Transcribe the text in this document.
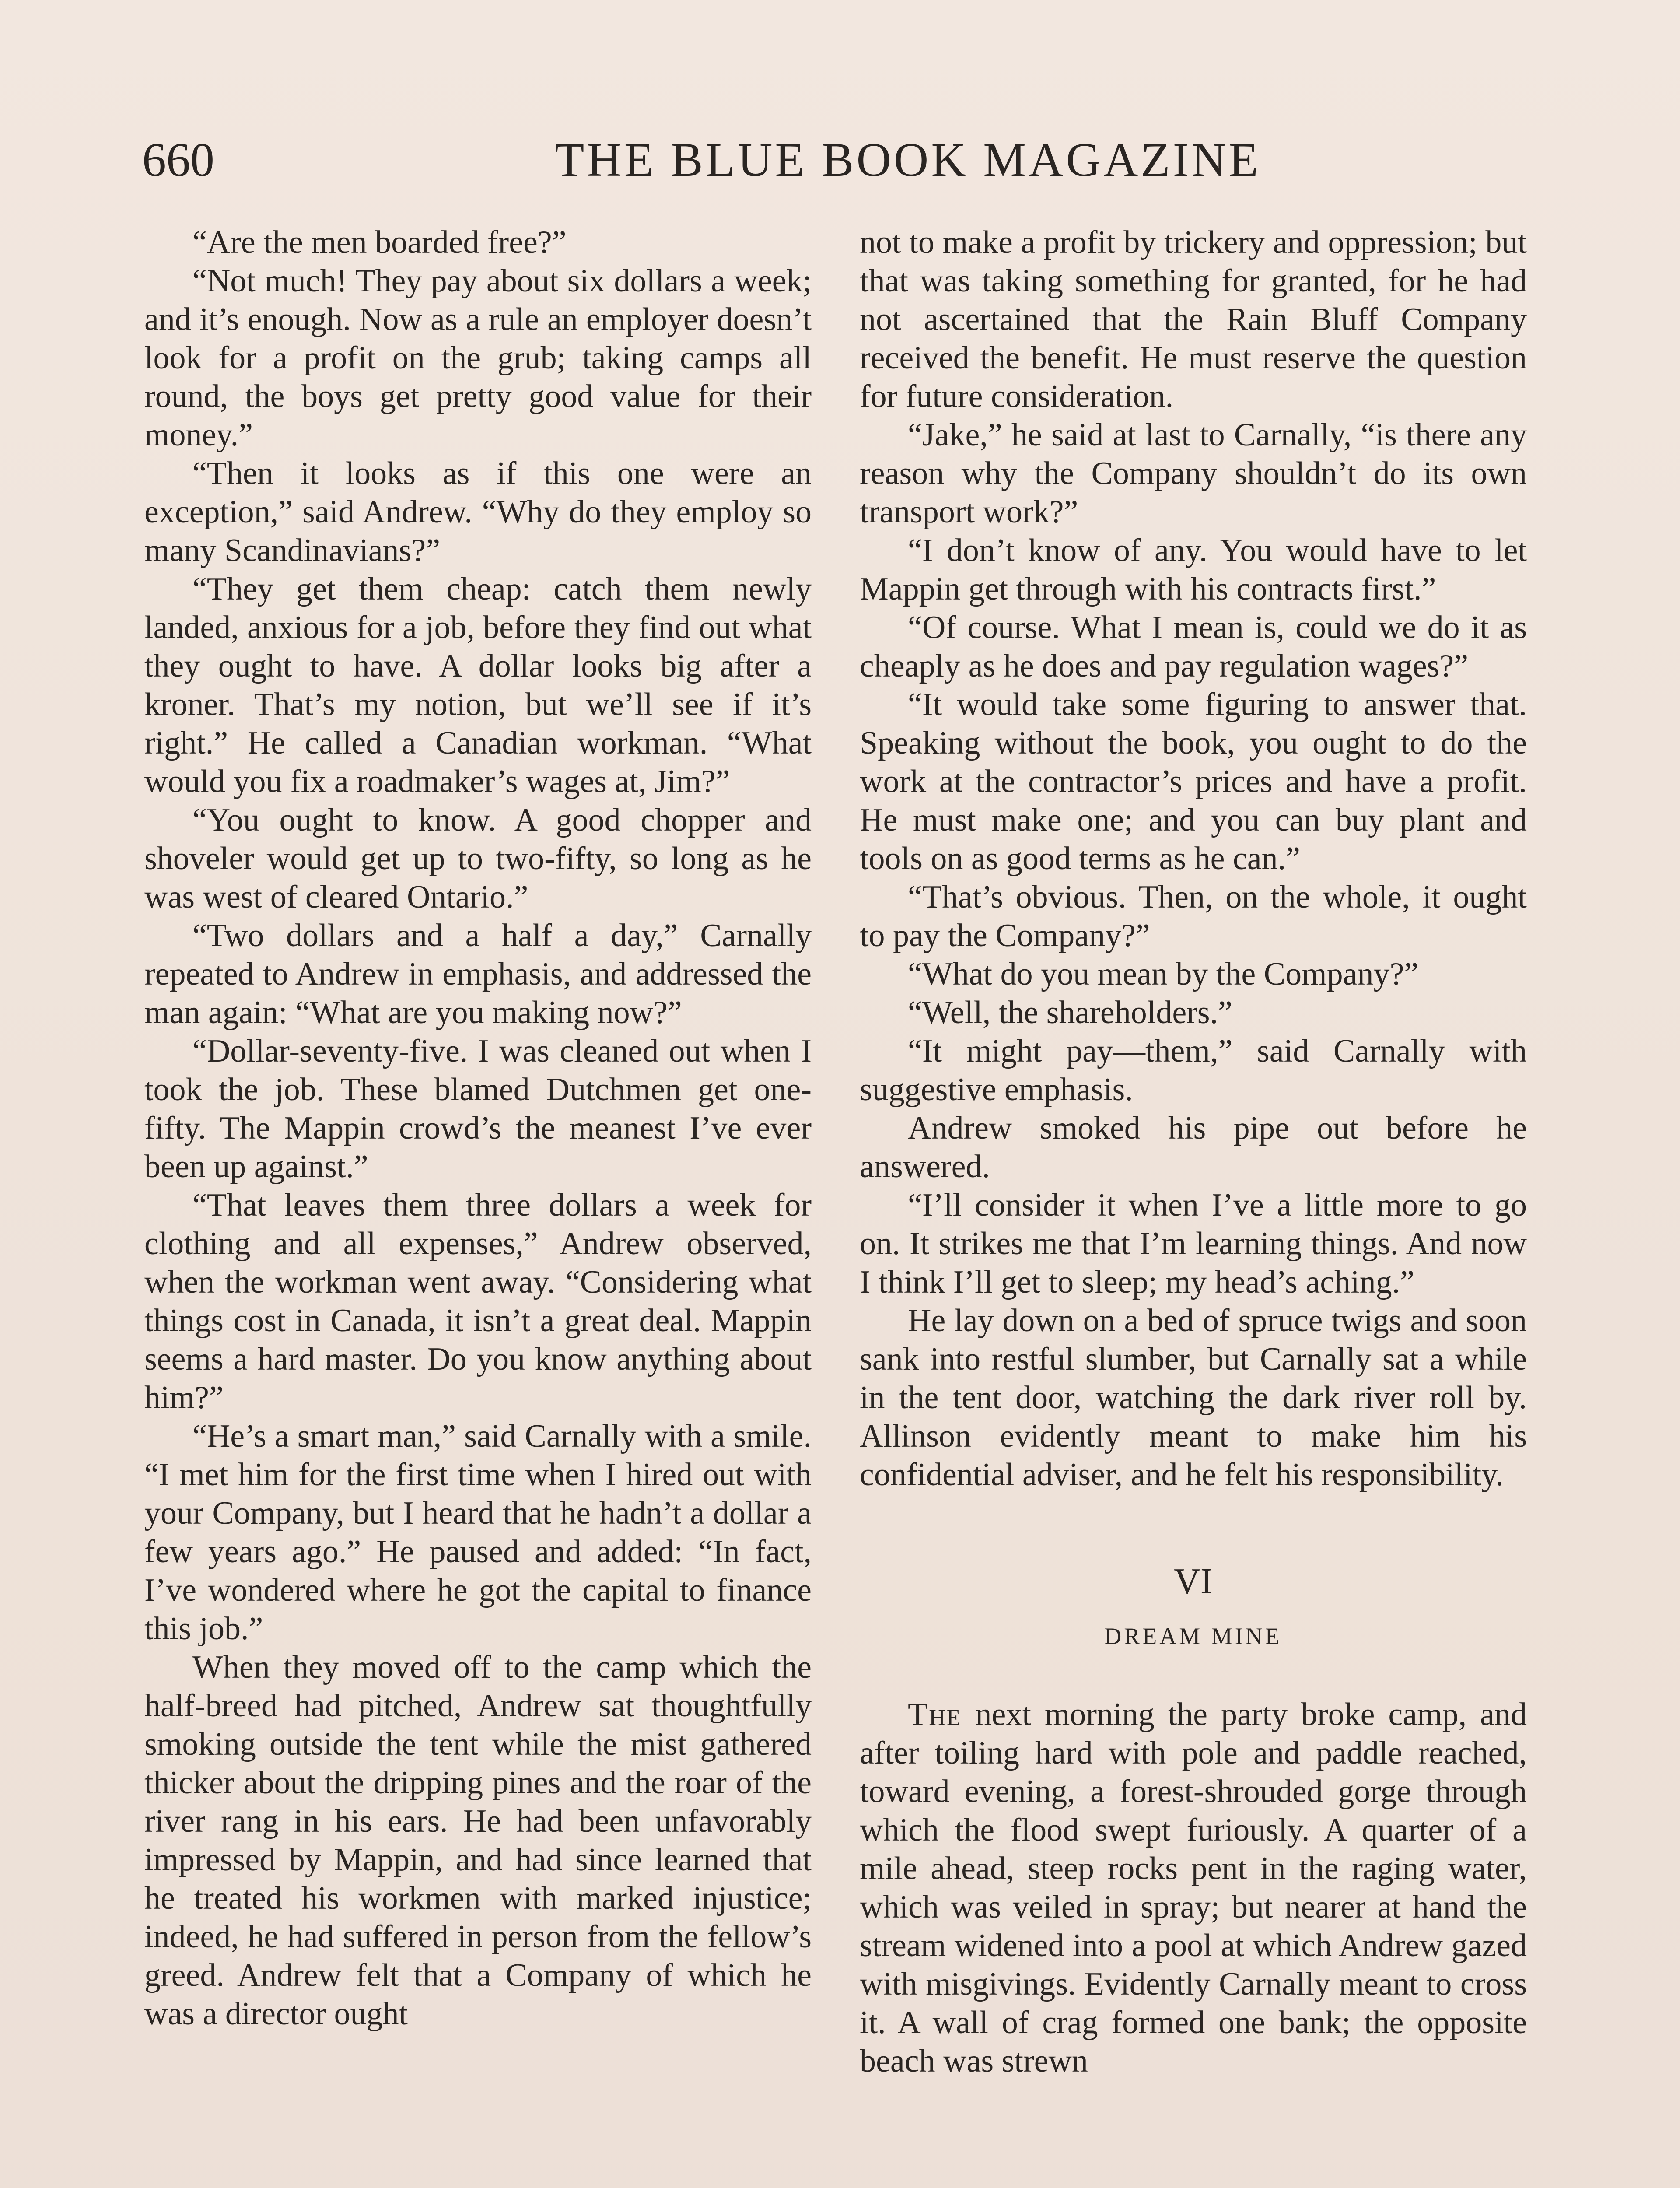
660	THE BLUE BOOK MAGAZINE

“Are the men boarded free?”

“Not much! They pay about six dollars a week; and it’s enough. Now as a rule an employer doesn’t look for a profit on the grub; taking camps all round, the boys get pretty good value for their money.”

“Then it looks as if this one were an exception,” said Andrew. “Why do they employ so many Scandinavians?”

“They get them cheap: catch them newly landed, anxious for a job, before they find out what they ought to have. A dollar looks big after a kroner. That’s my notion, but we’ll see if it’s right.” He called a Canadian workman. “What would you fix a roadmaker’s wages at, Jim?”

“You ought to know. A good chopper and shoveler would get up to two-fifty, so long as he was west of cleared Ontario.”

“Two dollars and a half a day,” Carnally repeated to Andrew in emphasis, and addressed the man again: “What are you making now?”

“Dollar-seventy-five. I was cleaned out when I took the job. These blamed Dutchmen get one-fifty. The Mappin crowd’s the meanest I’ve ever been up against.”

“That leaves them three dollars a week for clothing and all expenses,” Andrew observed, when the workman went away. “Considering what things cost in Canada, it isn’t a great deal. Mappin seems a hard master. Do you know anything about him?”

“He’s a smart man,” said Carnally with a smile. “I met him for the first time when I hired out with your Company, but I heard that he hadn’t a dollar a few years ago.” He paused and added: “In fact, I’ve wondered where he got the capital to finance this job.”

When they moved off to the camp which the half-breed had pitched, Andrew sat thoughtfully smoking outside the tent while the mist gathered thicker about the dripping pines and the roar of the river rang in his ears. He had been unfavorably impressed by Mappin, and had since learned that he treated his workmen with marked injustice; indeed, he had suffered in person from the fellow’s greed. Andrew felt that a Company of which he was a director ought

not to make a profit by trickery and oppression; but that was taking something for granted, for he had not ascertained that the Rain Bluff Company received the benefit. He must reserve the question for future consideration.

“Jake,” he said at last to Carnally, “is there any reason why the Company shouldn’t do its own transport work?”

“I don’t know of any. You would have to let Mappin get through with his contracts first.”

“Of course. What I mean is, could we do it as cheaply as he does and pay regulation wages?”

“It would take some figuring to answer that. Speaking without the book, you ought to do the work at the contractor’s prices and have a profit. He must make one; and you can buy plant and tools on as good terms as he can.”

“That’s obvious. Then, on the whole, it ought to pay the Company?”

“What do you mean by the Company?”

“Well, the shareholders.”

“It might pay—them,” said Carnally with suggestive emphasis.

Andrew smoked his pipe out before he answered.

“I’ll consider it when I’ve a little more to go on. It strikes me that I’m learning things. And now I think I’ll get to sleep; my head’s aching.”

He lay down on a bed of spruce twigs and soon sank into restful slumber, but Carnally sat a while in the tent door, watching the dark river roll by. Allinson evidently meant to make him his confidential adviser, and he felt his responsibility.

VI
DREAM MINE

The next morning the party broke camp, and after toiling hard with pole and paddle reached, toward evening, a forest-shrouded gorge through which the flood swept furiously. A quarter of a mile ahead, steep rocks pent in the raging water, which was veiled in spray; but nearer at hand the stream widened into a pool at which Andrew gazed with misgivings. Evidently Carnally meant to cross it. A wall of crag formed one bank; the opposite beach was strewn
